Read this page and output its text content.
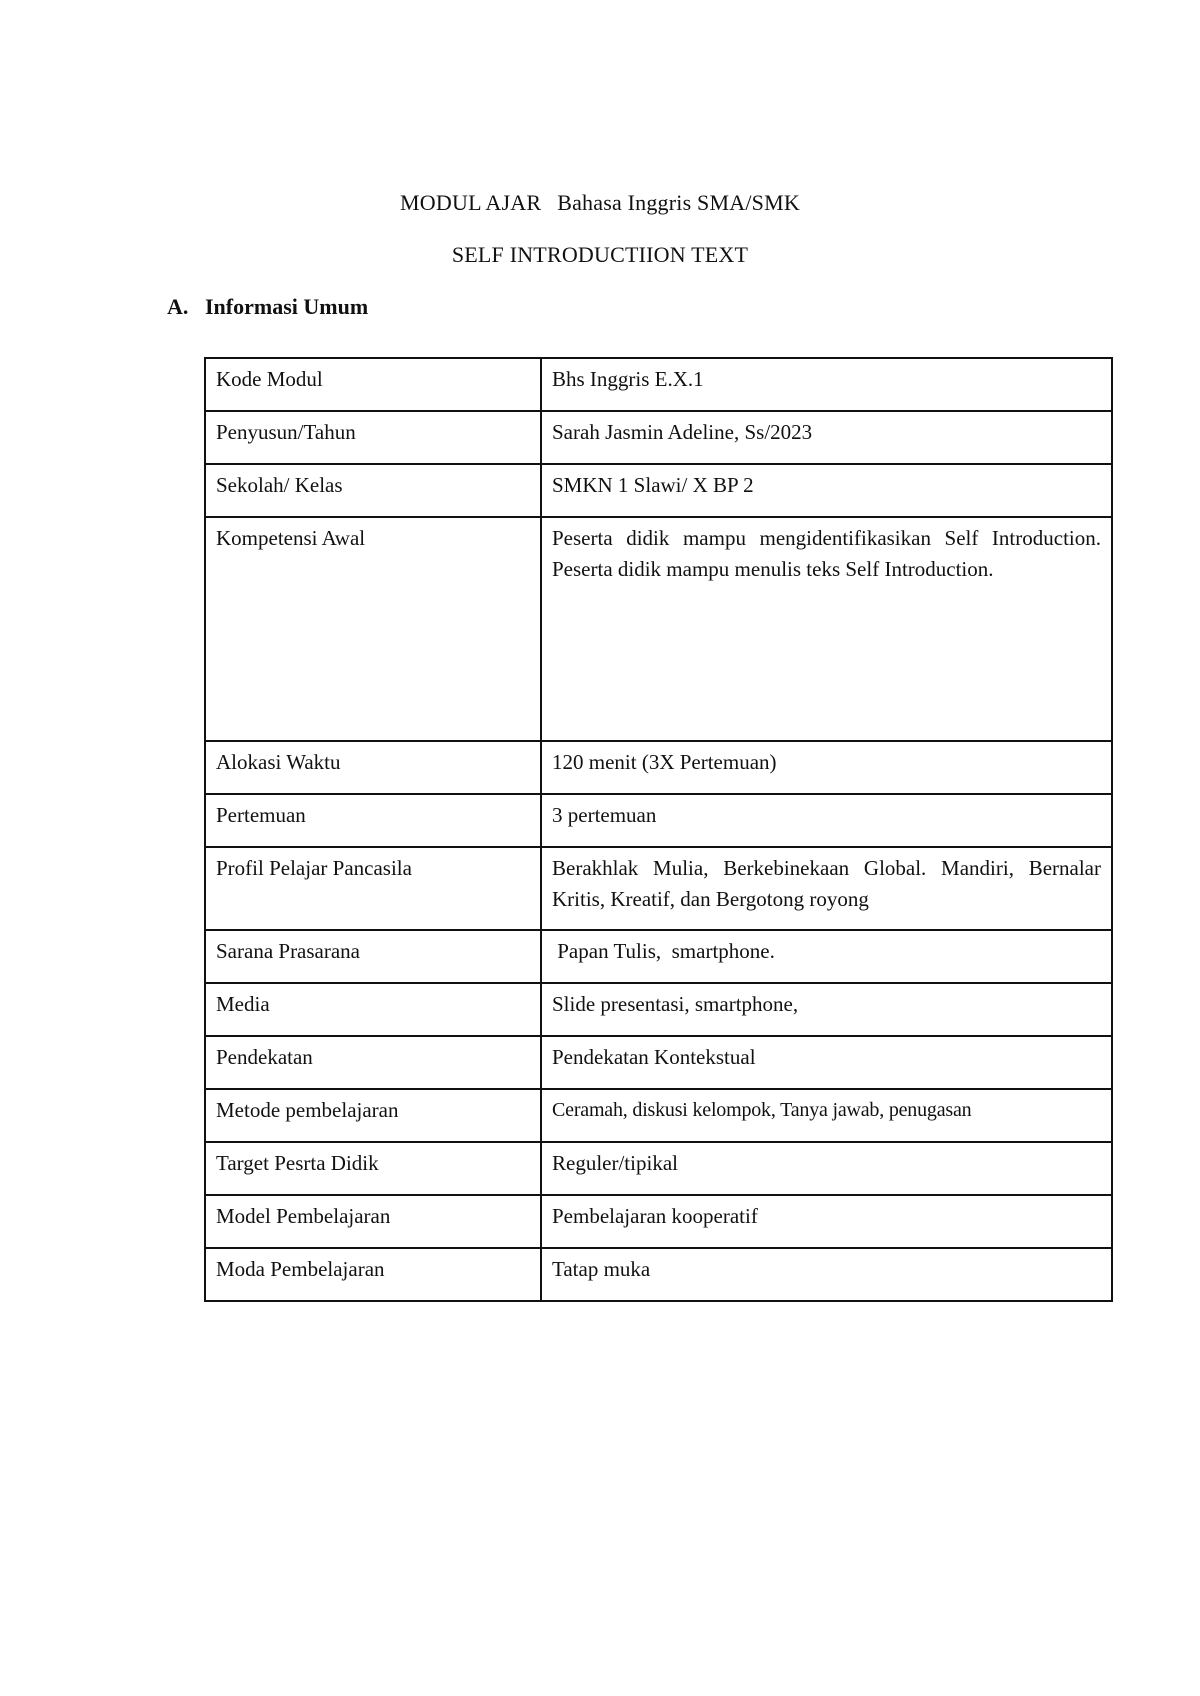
MODUL AJAR Bahasa Inggris SMA/SMK
SELF INTRODUCTIION TEXT
A. Informasi Umum
Kode Modul	Bhs Inggris E.X.1
Penyusun/Tahun	Sarah Jasmin Adeline, Ss/2023
Sekolah/ Kelas	SMKN 1 Slawi/ X BP 2
Kompetensi Awal	Peserta didik mampu mengidentifikasikan Self Introduction. Peserta didik mampu menulis teks Self Introduction.
Alokasi Waktu	120 menit (3X Pertemuan)
Pertemuan	3 pertemuan
Profil Pelajar Pancasila	Berakhlak Mulia, Berkebinekaan Global. Mandiri, Bernalar Kritis, Kreatif, dan Bergotong royong
Sarana Prasarana	Papan Tulis,  smartphone.
Media	Slide presentasi, smartphone,
Pendekatan	Pendekatan Kontekstual
Metode pembelajaran	Ceramah, diskusi kelompok, Tanya jawab, penugasan
Target Pesrta Didik	Reguler/tipikal
Model Pembelajaran	Pembelajaran kooperatif
Moda Pembelajaran	Tatap muka
